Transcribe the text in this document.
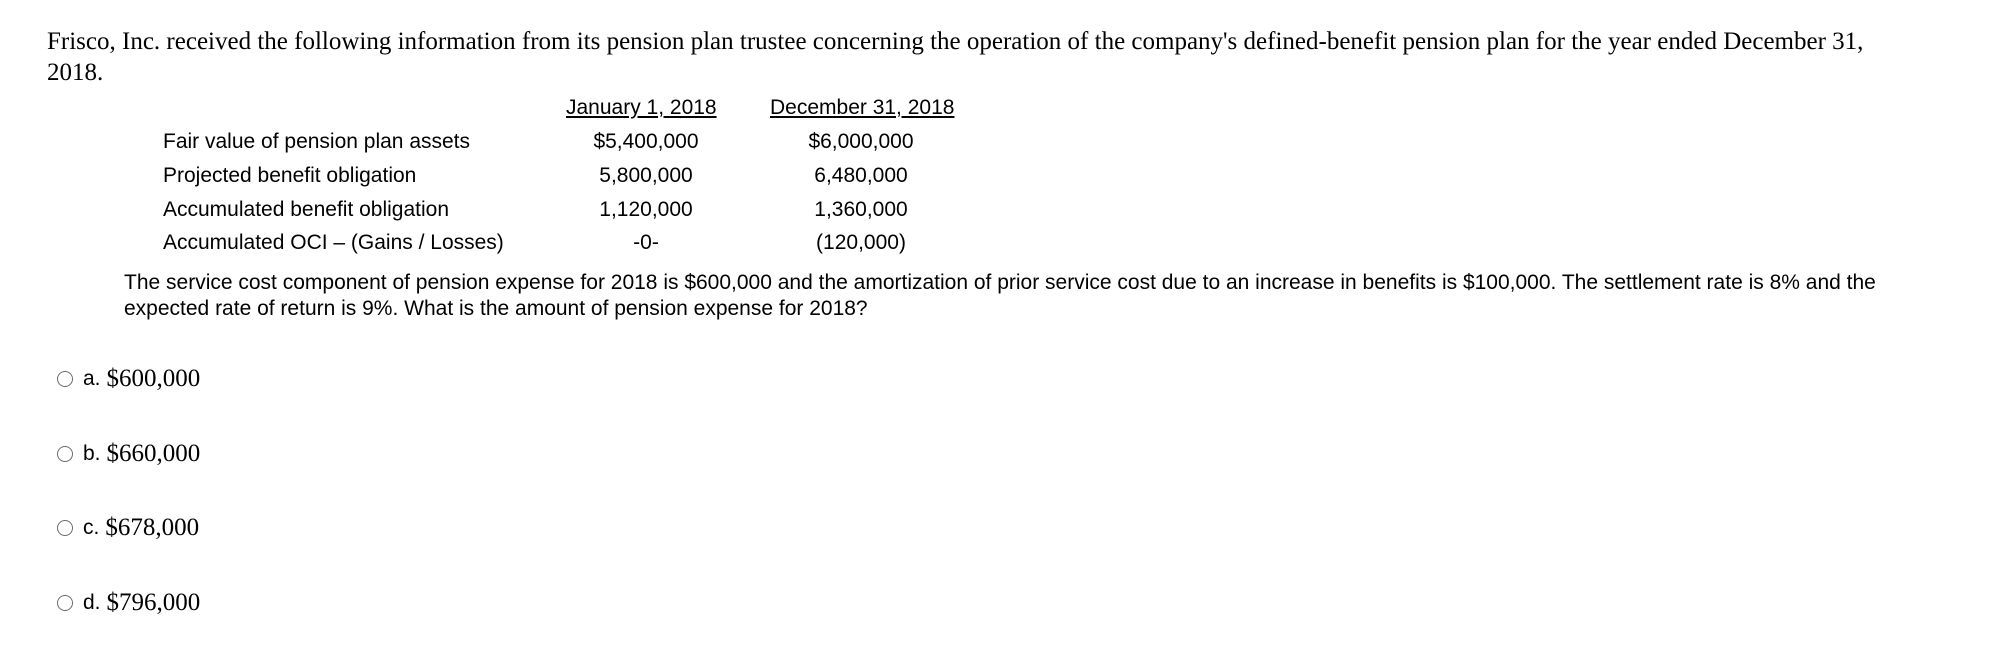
Frisco, Inc. received the following information from its pension plan trustee concerning the operation of the company's defined-benefit pension plan for the year ended December 31, 2018.

January 1, 2018	December 31, 2018
Fair value of pension plan assets	$5,400,000	$6,000,000
Projected benefit obligation	5,800,000	6,480,000
Accumulated benefit obligation	1,120,000	1,360,000
Accumulated OCI – (Gains / Losses)	-0-	(120,000)

The service cost component of pension expense for 2018 is $600,000 and the amortization of prior service cost due to an increase in benefits is $100,000. The settlement rate is 8% and the expected rate of return is 9%. What is the amount of pension expense for 2018?

a. $600,000
b. $660,000
c. $678,000
d. $796,000
